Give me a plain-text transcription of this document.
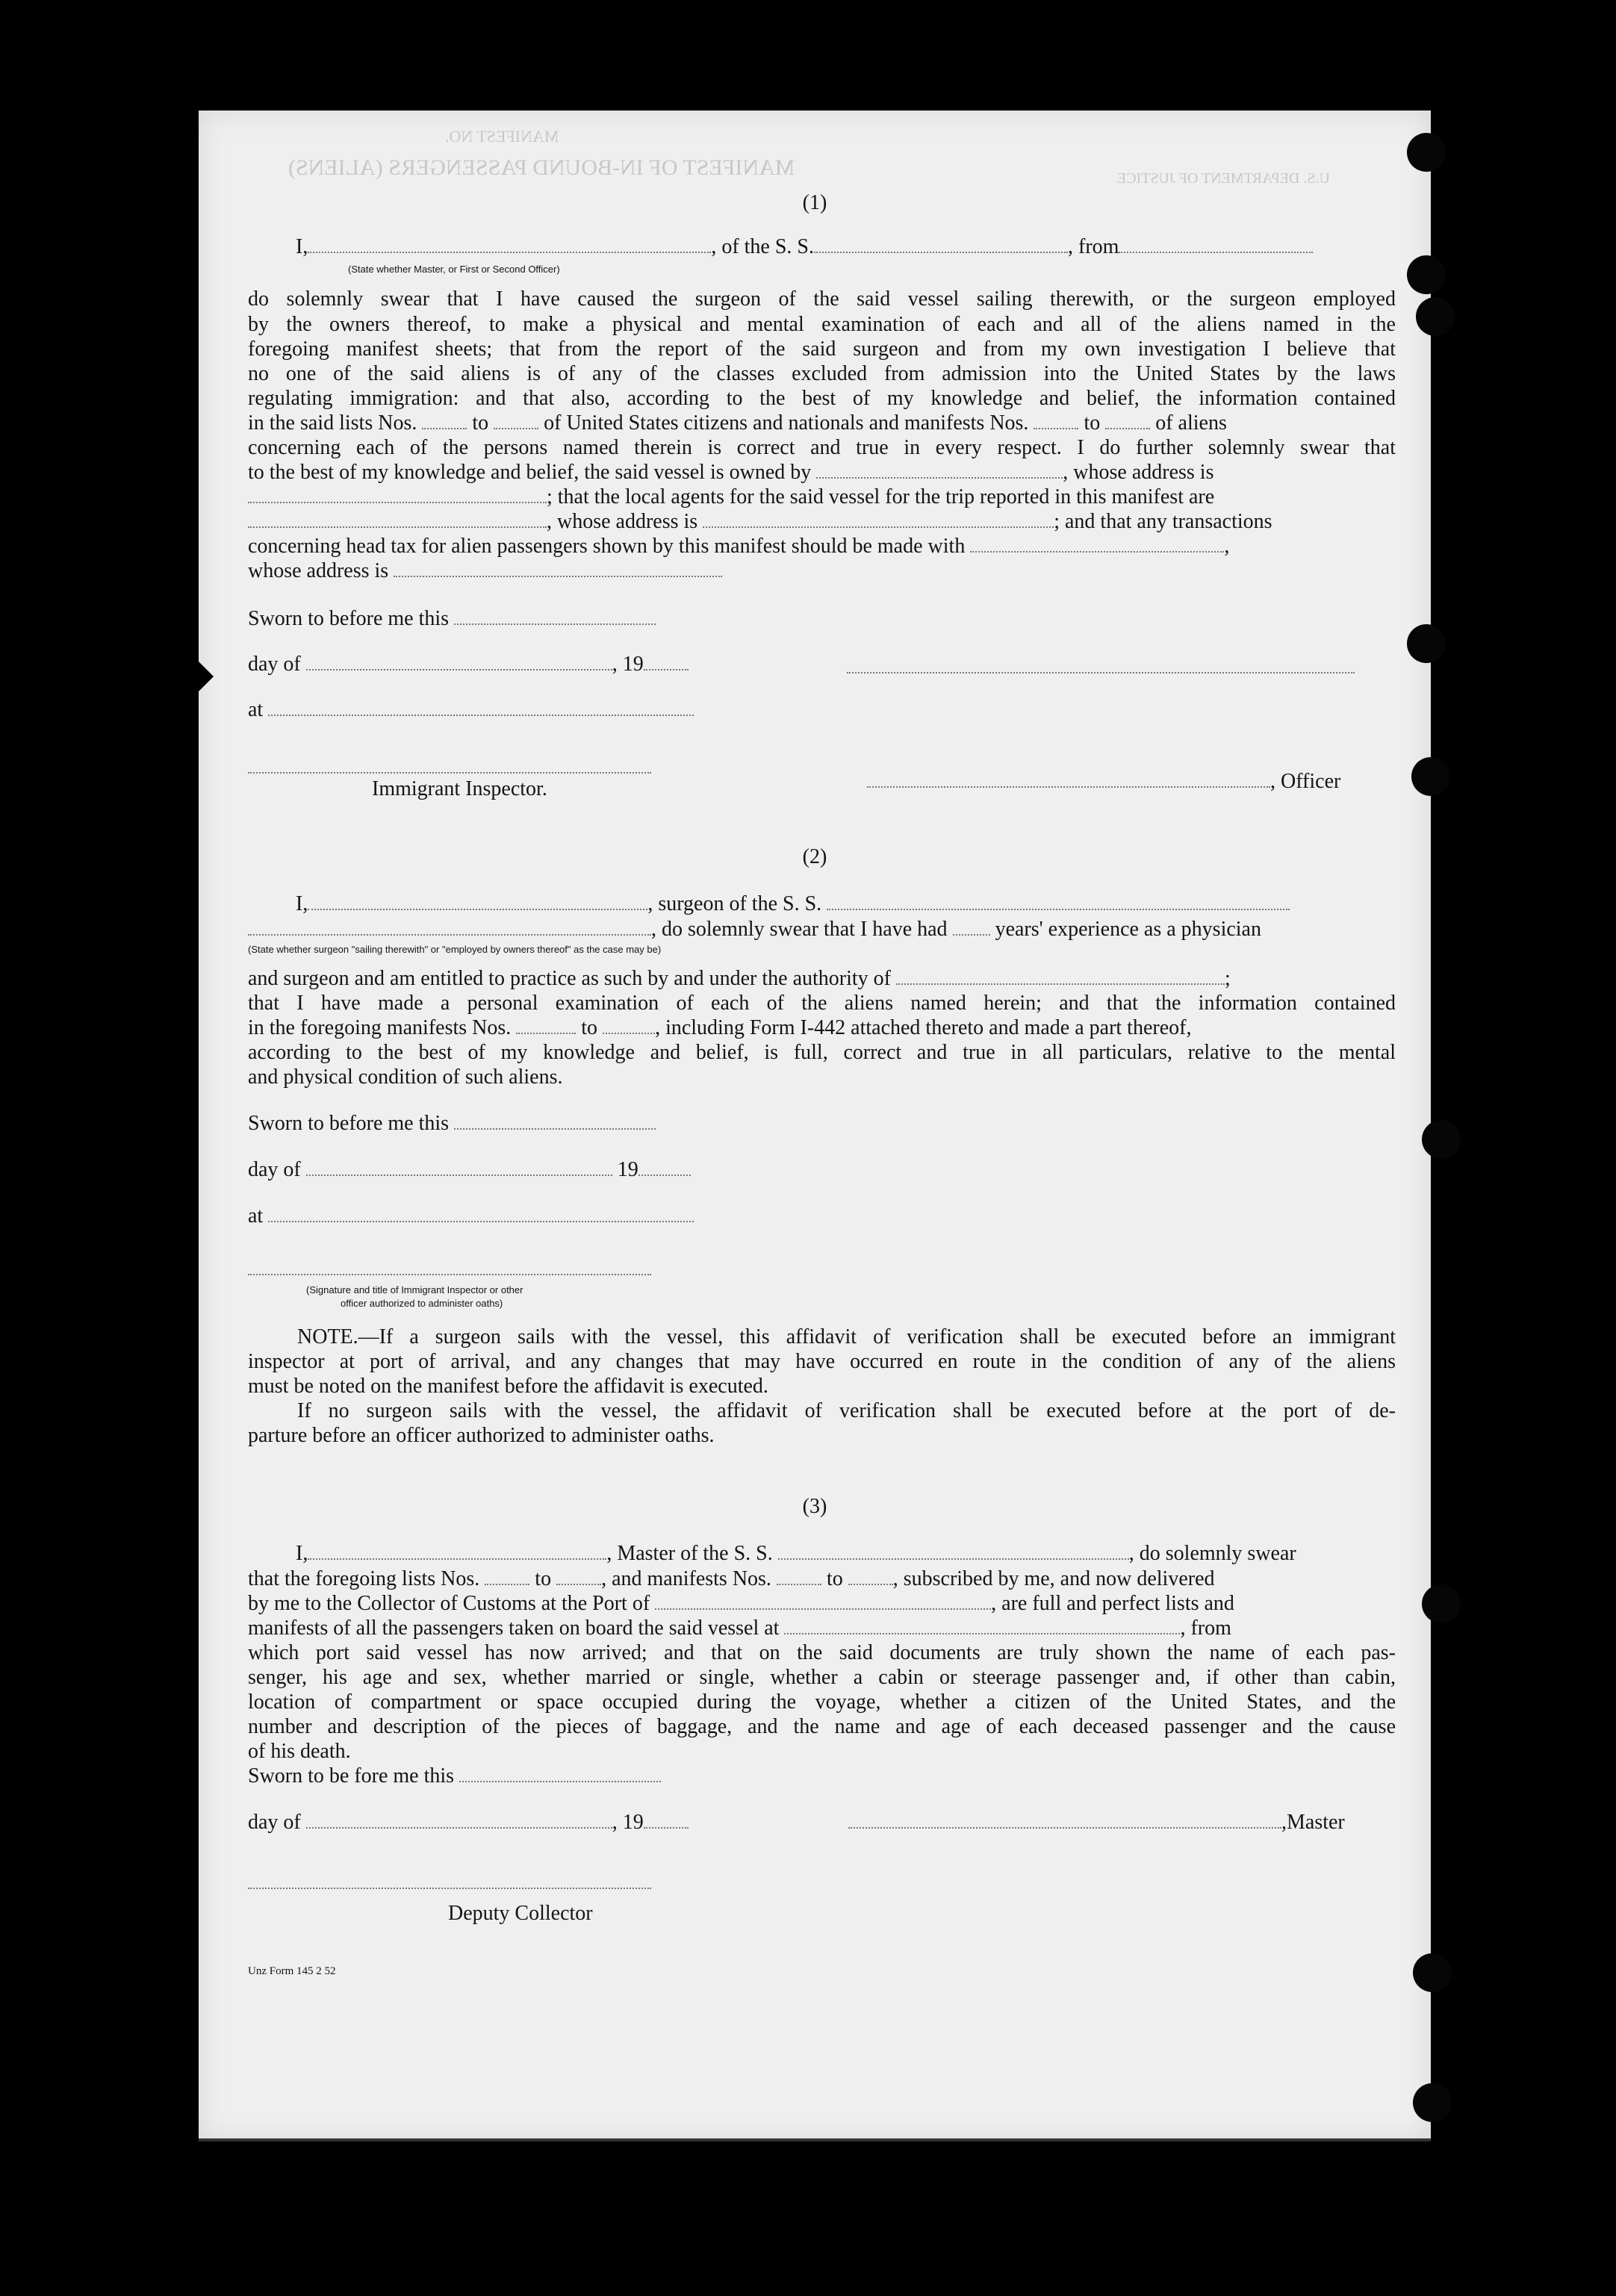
MANIFEST NO.
MANIFEST OF IN-BOUND PASSENGERS (ALIENS)	U.S. DEPARTMENT OF JUSTICE
(1)
I,	, of the S. S.	, from
(State whether Master, or First or Second Officer)
do solemnly swear that I have caused the surgeon of the said vessel sailing therewith, or the surgeon employed
by the owners thereof, to make a physical and mental examination of each and all of the aliens named in the
foregoing manifest sheets; that from the report of the said surgeon and from my own investigation I believe that
no one of the said aliens is of any of the classes excluded from admission into the United States by the laws
regulating immigration: and that also, according to the best of my knowledge and belief, the information contained
in the said lists Nos.	to	of United States citizens and nationals and manifests Nos.	to	of aliens
concerning each of the persons named therein is correct and true in every respect. I do further solemnly swear that
to the best of my knowledge and belief, the said vessel is owned by	, whose address is
; that the local agents for the said vessel for the trip reported in this manifest are
, whose address is	; and that any transactions
concerning head tax for alien passengers shown by this manifest should be made with	,
whose address is
Sworn to before me this
day of	, 19
at
Immigrant Inspector.	, Officer
(2)
I,	, surgeon of the S. S.
, do solemnly swear that I have had years' experience as a physician
(State whether surgeon "sailing therewith" or "employed by owners thereof" as the case may be)
and surgeon and am entitled to practice as such by and under the authority of	;
that I have made a personal examination of each of the aliens named herein; and that the information contained
in the foregoing manifests Nos.	to	, including Form I-442 attached thereto and made a part thereof,
according to the best of my knowledge and belief, is full, correct and true in all particulars, relative to the mental
and physical condition of such aliens.
Sworn to before me this
day of	19
at
(Signature and title of Immigrant Inspector or other
officer authorized to administer oaths)
NOTE.—If a surgeon sails with the vessel, this affidavit of verification shall be executed before an immigrant
inspector at port of arrival, and any changes that may have occurred en route in the condition of any of the aliens
must be noted on the manifest before the affidavit is executed.
If no surgeon sails with the vessel, the affidavit of verification shall be executed before at the port of de-
parture before an officer authorized to administer oaths.
(3)
I,	, Master of the S. S.	, do solemnly swear
that the foregoing lists Nos.	to , and manifests Nos.	to , subscribed by me, and now delivered
by me to the Collector of Customs at the Port of	, are full and perfect lists and
manifests of all the passengers taken on board the said vessel at	, from
which port said vessel has now arrived; and that on the said documents are truly shown the name of each pas-
senger, his age and sex, whether married or single, whether a cabin or steerage passenger and, if other than cabin,
location of compartment or space occupied during the voyage, whether a citizen of the United States, and the
number and description of the pieces of baggage, and the name and age of each deceased passenger and the cause
of his death.
Sworn to be fore me this
day of	, 19	,Master
Deputy Collector
Unz Form 145 2 52
